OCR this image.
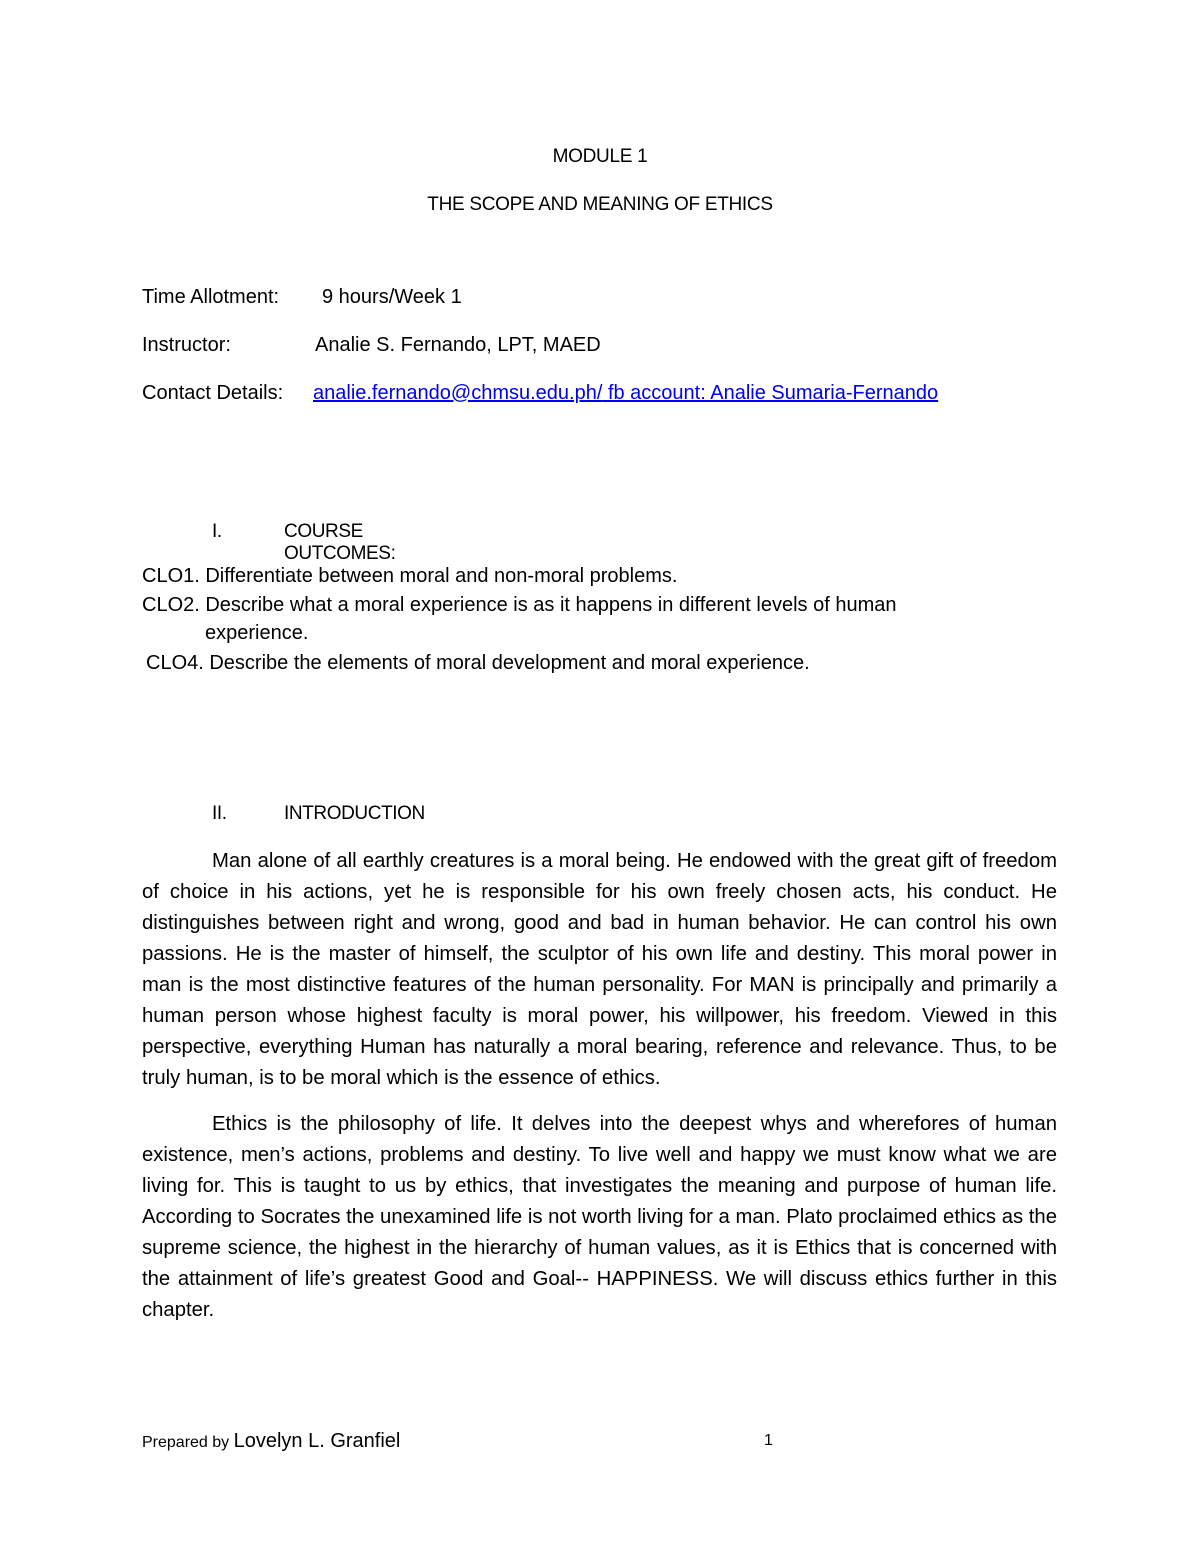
MODULE 1
THE SCOPE AND MEANING OF ETHICS
Time Allotment: 9 hours/Week 1
Instructor:	Analie S. Fernando, LPT, MAED
Contact Details: analie.fernando@chmsu.edu.ph/ fb account: Analie Sumaria-Fernando
I.	COURSE OUTCOMES:
CLO1. Differentiate between moral and non-moral problems.
CLO2. Describe what a moral experience is as it happens in different levels of human
experience.
CLO4. Describe the elements of moral development and moral experience.
II.	INTRODUCTION

Man alone of all earthly creatures is a moral being. He endowed with the great gift of freedom of choice in his actions, yet he is responsible for his own freely chosen acts, his conduct. He distinguishes between right and wrong, good and bad in human behavior. He can control his own passions. He is the master of himself, the sculptor of his own life and destiny. This moral power in man is the most distinctive features of the human personality. For MAN is principally and primarily a human person whose highest faculty is moral power, his willpower, his freedom. Viewed in this perspective, everything Human has naturally a moral bearing, reference and relevance. Thus, to be truly human, is to be moral which is the essence of ethics.

Ethics is the philosophy of life. It delves into the deepest whys and wherefores of human existence, men’s actions, problems and destiny. To live well and happy we must know what we are living for. This is taught to us by ethics, that investigates the meaning and purpose of human life. According to Socrates the unexamined life is not worth living for a man. Plato proclaimed ethics as the supreme science, the highest in the hierarchy of human values, as it is Ethics that is concerned with the attainment of life’s greatest Good and Goal-- HAPPINESS. We will discuss ethics further in this chapter.

Prepared by Lovelyn L. Granfiel	1
